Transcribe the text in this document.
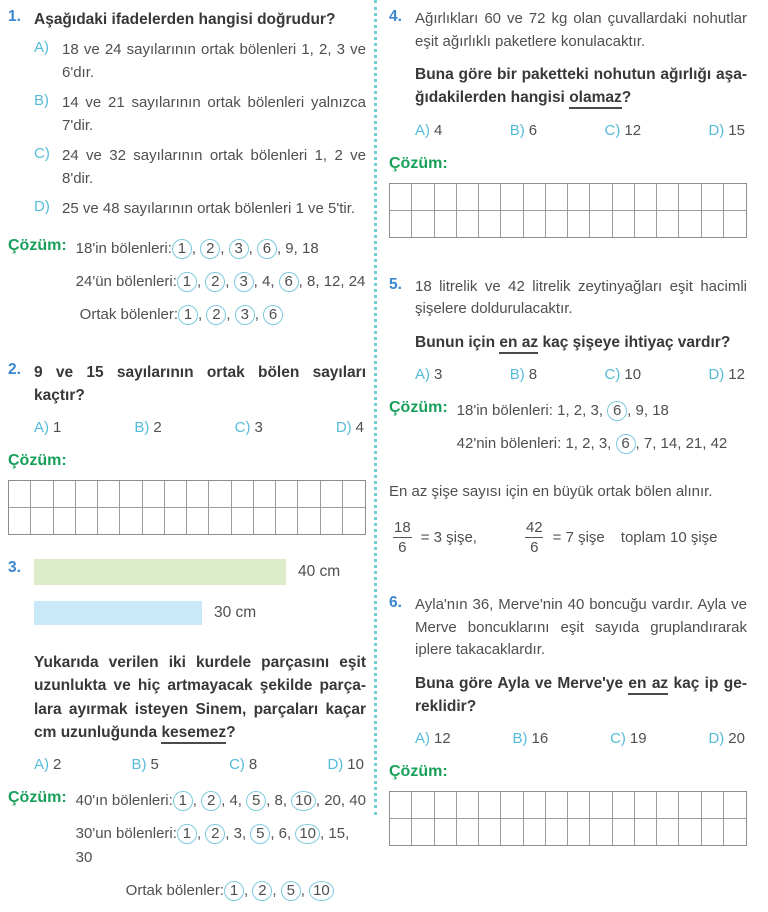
1. Aşağıdaki ifadelerden hangisi doğrudur?

A) 18 ve 24 sayılarının ortak bölenleri 1, 2, 3 ve 6'dır.

B) 14 ve 21 sayılarının ortak bölenleri yalnızca 7'dir.

C) 24 ve 32 sayılarının ortak bölenleri 1, 2 ve 8'dir.

D) 25 ve 48 sayılarının ortak bölenleri 1 ve 5'tir.

Çözüm: 18'in bölenleri: 1 , 2 , 3 , 6 , 9, 18
24'ün bölenleri: 1 , 2 , 3 , 4, 6 , 8, 12, 24
Ortak bölenler: 1 , 2 , 3 , 6
2. 9 ve 15 sayılarının ortak bölen sayıları kaçtır?

A) 1	B) 2	C) 3	D) 4
Çözüm:
3.	40 cm
30 cm

Yukarıda verilen iki kurdele parçasını eşit uzunlukta ve hiç artmayacak şekilde parçalara ayırmak isteyen Sinem, parçaları kaçar cm uzunluğunda kesemez?

A) 2	B) 5	C) 8	D) 10
Çözüm: 40'ın bölenleri: 1 , 2 , 4, 5 , 8, 10 , 20, 40
30'un bölenleri: 1 , 2 , 3, 5 , 6, 10 , 15, 30
Ortak bölenler: 1 , 2 , 5 , 10
4. Ağırlıkları 60 ve 72 kg olan çuvallardaki nohutlar eşit ağırlıklı paketlere konulacaktır.

Buna göre bir paketteki nohutun ağırlığı aşağıdakilerden hangisi olamaz?

A) 4	B) 6	C) 12	D) 15
Çözüm:
5. 18 litrelik ve 42 litrelik zeytinyağları eşit hacimli şişelere doldurulacaktır.

Bunun için en az kaç şişeye ihtiyaç vardır?

A) 3	B) 8	C) 10	D) 12
Çözüm: 18'in bölenleri: 1, 2, 3, 6 , 9, 18
42'nin bölenleri: 1, 2, 3, 6 , 7, 14, 21, 42

En az şişe sayısı için en büyük ortak bölen alınır.

$\frac{18}{6} = 3$ şişe,	$\frac{42}{6} = 7$ şişe toplam 10 şişe
6. Ayla'nın 36, Merve'nin 40 boncuğu vardır. Ayla ve Merve boncuklarını eşit sayıda gruplandırarak iplere takacaklardır.

Buna göre Ayla ve Merve'ye en az kaç ip gereklidir?

A) 12	B) 16	C) 19	D) 20
Çözüm:
